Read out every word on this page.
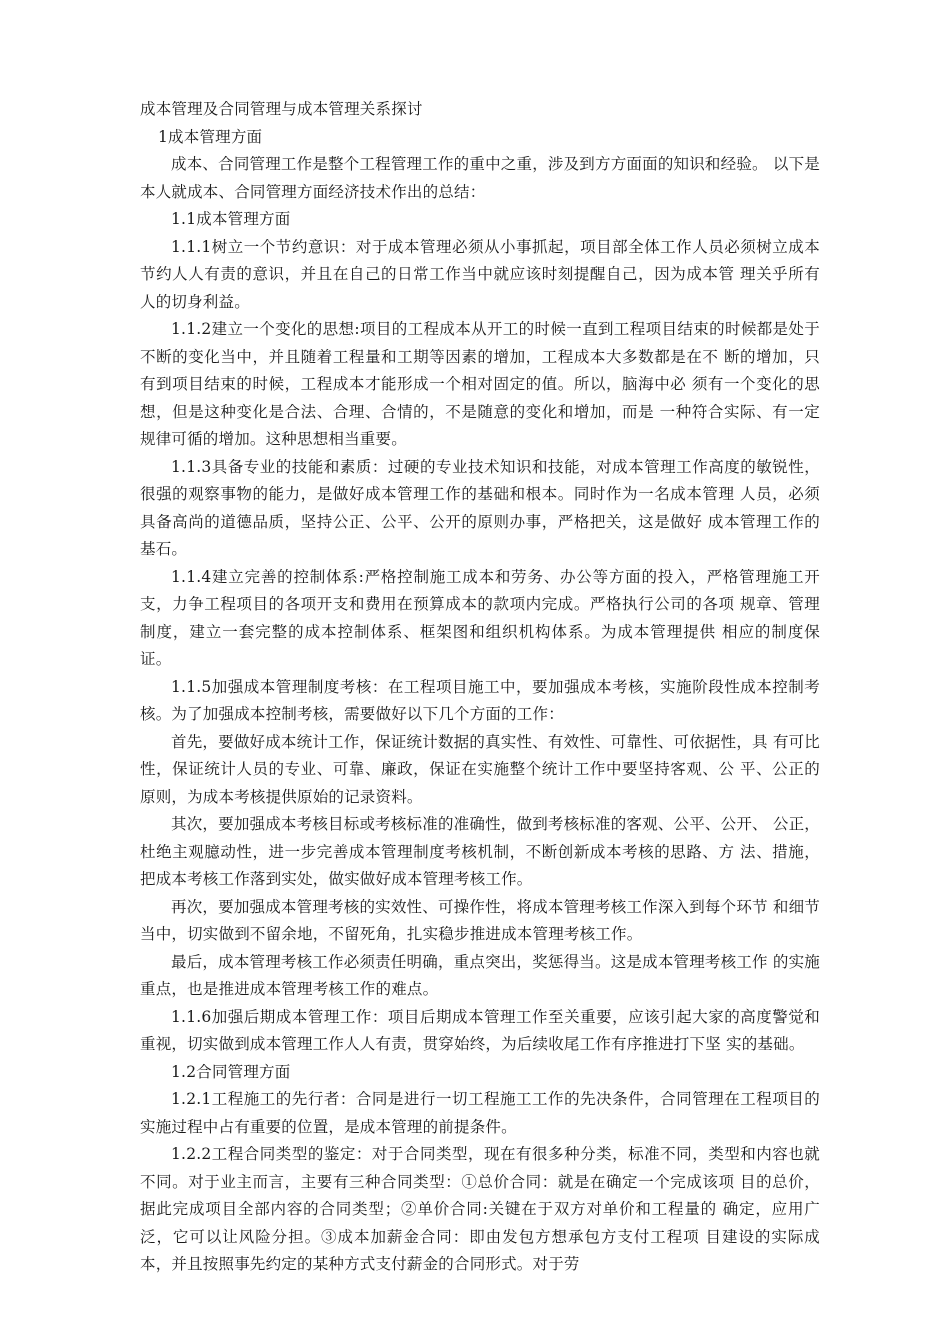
成本管理及合同管理与成本管理关系探讨

1成本管理方面

成本、合同管理工作是整个工程管理工作的重中之重，涉及到方方面面的知识和经验。 以下是本人就成本、合同管理方面经济技术作出的总结：

1.1成本管理方面

1.1.1树立一个节约意识：对于成本管理必须从小事抓起，项目部全体工作人员必须树立成本节约人人有责的意识，并且在自己的日常工作当中就应该时刻提醒自己，因为成本管 理关乎所有人的切身利益。

1.1.2建立一个变化的思想:项目的工程成本从开工的时候一直到工程项目结束的时候都是处于不断的变化当中，并且随着工程量和工期等因素的增加，工程成本大多数都是在不 断的增加，只有到项目结束的时候，工程成本才能形成一个相对固定的值。所以，脑海中必 须有一个变化的思想，但是这种变化是合法、合理、合情的，不是随意的变化和增加，而是 一种符合实际、有一定规律可循的增加。这种思想相当重要。

1.1.3具备专业的技能和素质：过硬的专业技术知识和技能，对成本管理工作高度的敏锐性，很强的观察事物的能力，是做好成本管理工作的基础和根本。同时作为一名成本管理 人员，必须具备高尚的道德品质，坚持公正、公平、公开的原则办事，严格把关，这是做好 成本管理工作的基石。

1.1.4建立完善的控制体系:严格控制施工成本和劳务、办公等方面的投入，严格管理施工开支，力争工程项目的各项开支和费用在预算成本的款项内完成。严格执行公司的各项 规章、管理制度，建立一套完整的成本控制体系、框架图和组织机构体系。为成本管理提供 相应的制度保证。

1.1.5加强成本管理制度考核：在工程项目施工中，要加强成本考核，实施阶段性成本控制考核。为了加强成本控制考核，需要做好以下几个方面的工作：

首先，要做好成本统计工作，保证统计数据的真实性、有效性、可靠性、可依据性，具 有可比性，保证统计人员的专业、可靠、廉政，保证在实施整个统计工作中要坚持客观、公 平、公正的原则，为成本考核提供原始的记录资料。

其次，要加强成本考核目标或考核标准的准确性，做到考核标准的客观、公平、公开、 公正，杜绝主观臆动性，进一步完善成本管理制度考核机制，不断创新成本考核的思路、方 法、措施，把成本考核工作落到实处，做实做好成本管理考核工作。

再次，要加强成本管理考核的实效性、可操作性，将成本管理考核工作深入到每个环节 和细节当中，切实做到不留余地，不留死角，扎实稳步推进成本管理考核工作。

最后，成本管理考核工作必须责任明确，重点突出，奖惩得当。这是成本管理考核工作 的实施重点，也是推进成本管理考核工作的难点。

1.1.6加强后期成本管理工作：项目后期成本管理工作至关重要，应该引起大家的高度警觉和重视，切实做到成本管理工作人人有责，贯穿始终，为后续收尾工作有序推进打下坚 实的基础。

1.2合同管理方面

1.2.1工程施工的先行者：合同是进行一切工程施工工作的先决条件，合同管理在工程项目的实施过程中占有重要的位置，是成本管理的前提条件。

1.2.2工程合同类型的鉴定：对于合同类型，现在有很多种分类，标准不同，类型和内容也就不同。对于业主而言，主要有三种合同类型：①总价合同：就是在确定一个完成该项 目的总价，据此完成项目全部内容的合同类型；②单价合同:关键在于双方对单价和工程量的 确定，应用广泛，它可以让风险分担。③成本加薪金合同：即由发包方想承包方支付工程项 目建设的实际成本，并且按照事先约定的某种方式支付薪金的合同形式。对于劳
